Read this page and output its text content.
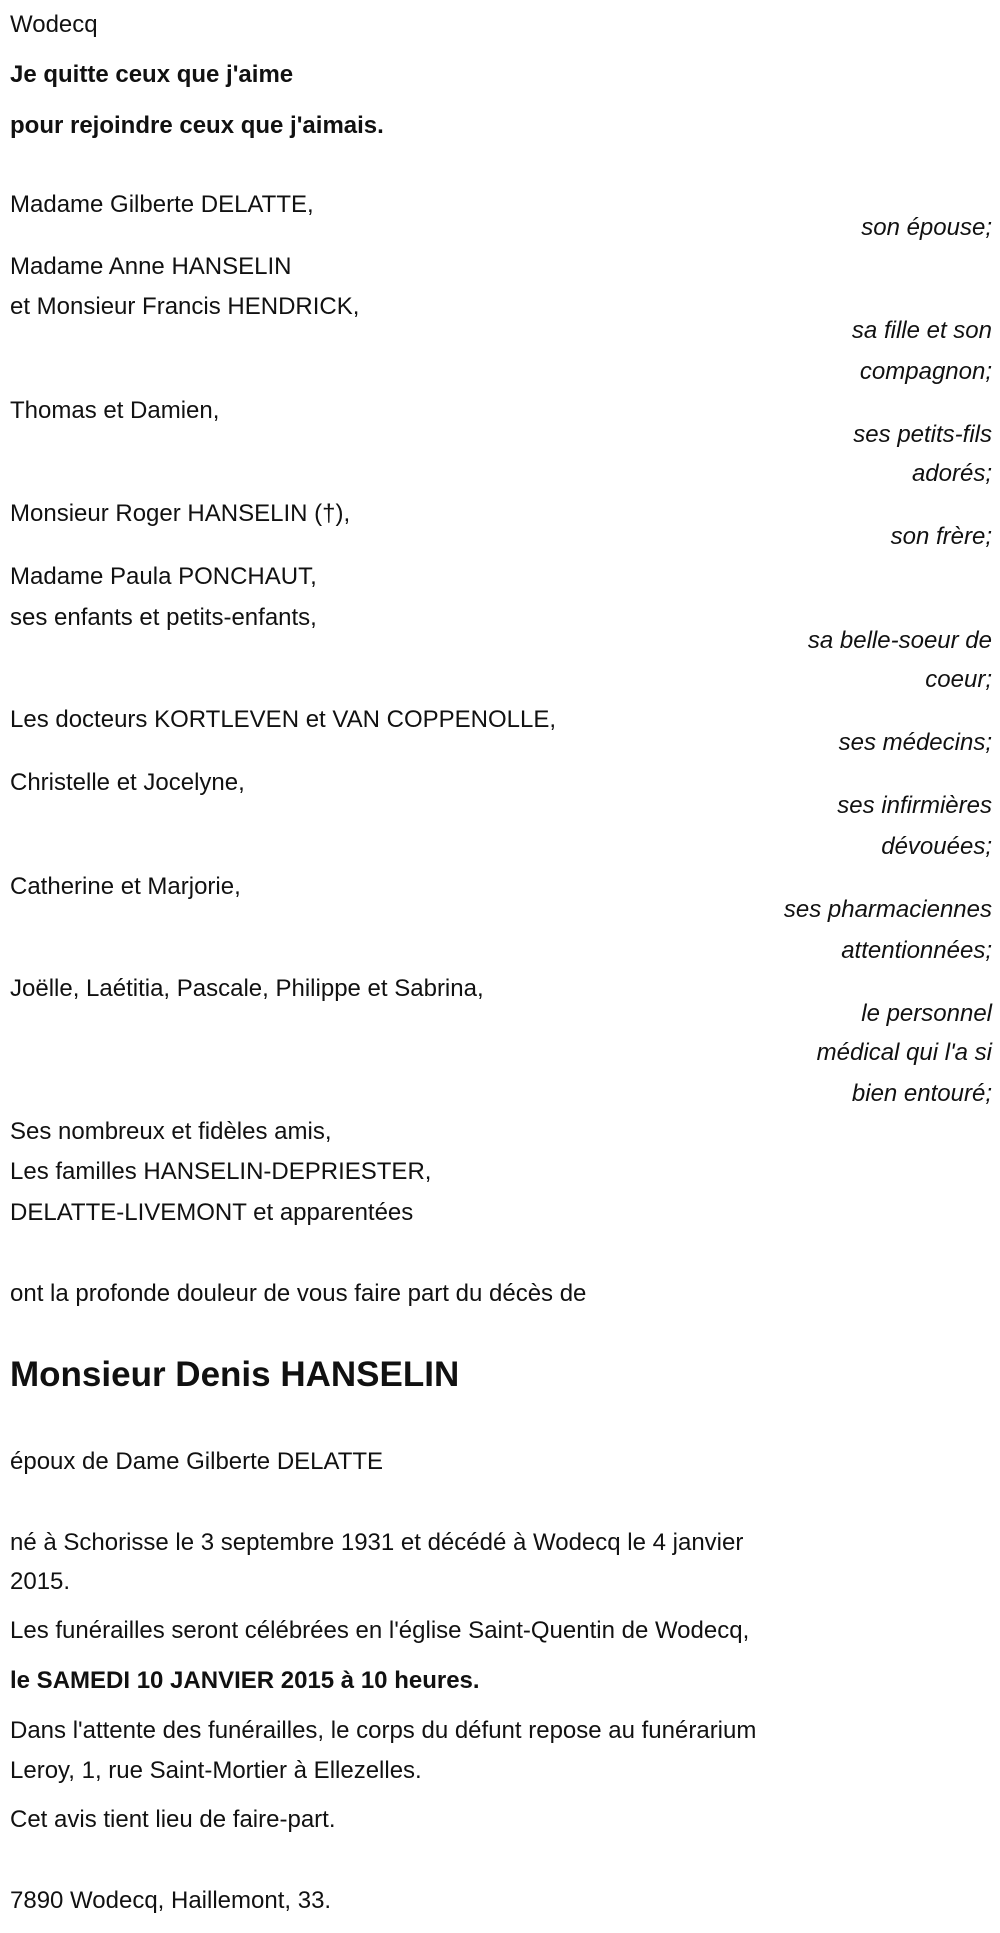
Wodecq
Je quitte ceux que j'aime
pour rejoindre ceux que j'aimais.
Madame Gilberte DELATTE,
son épouse;
Madame Anne HANSELIN
et Monsieur Francis HENDRICK,
sa fille et son
compagnon;
Thomas et Damien,
ses petits-fils
adorés;
Monsieur Roger HANSELIN (†),
son frère;
Madame Paula PONCHAUT,
ses enfants et petits-enfants,
sa belle-soeur de
coeur;
Les docteurs KORTLEVEN et VAN COPPENOLLE,
ses médecins;
Christelle et Jocelyne,
ses infirmières
dévouées;
Catherine et Marjorie,
ses pharmaciennes
attentionnées;
Joëlle, Laétitia, Pascale, Philippe et Sabrina,
le personnel
médical qui l'a si
bien entouré;
Ses nombreux et fidèles amis,
Les familles HANSELIN-DEPRIESTER,
DELATTE-LIVEMONT et apparentées
ont la profonde douleur de vous faire part du décès de
Monsieur Denis HANSELIN
époux de Dame Gilberte DELATTE
né à Schorisse le 3 septembre 1931 et décédé à Wodecq le 4 janvier
2015.
Les funérailles seront célébrées en l'église Saint-Quentin de Wodecq,
le SAMEDI 10 JANVIER 2015 à 10 heures.
Dans l'attente des funérailles, le corps du défunt repose au funérarium
Leroy, 1, rue Saint-Mortier à Ellezelles.
Cet avis tient lieu de faire-part.
7890 Wodecq, Haillemont, 33.
